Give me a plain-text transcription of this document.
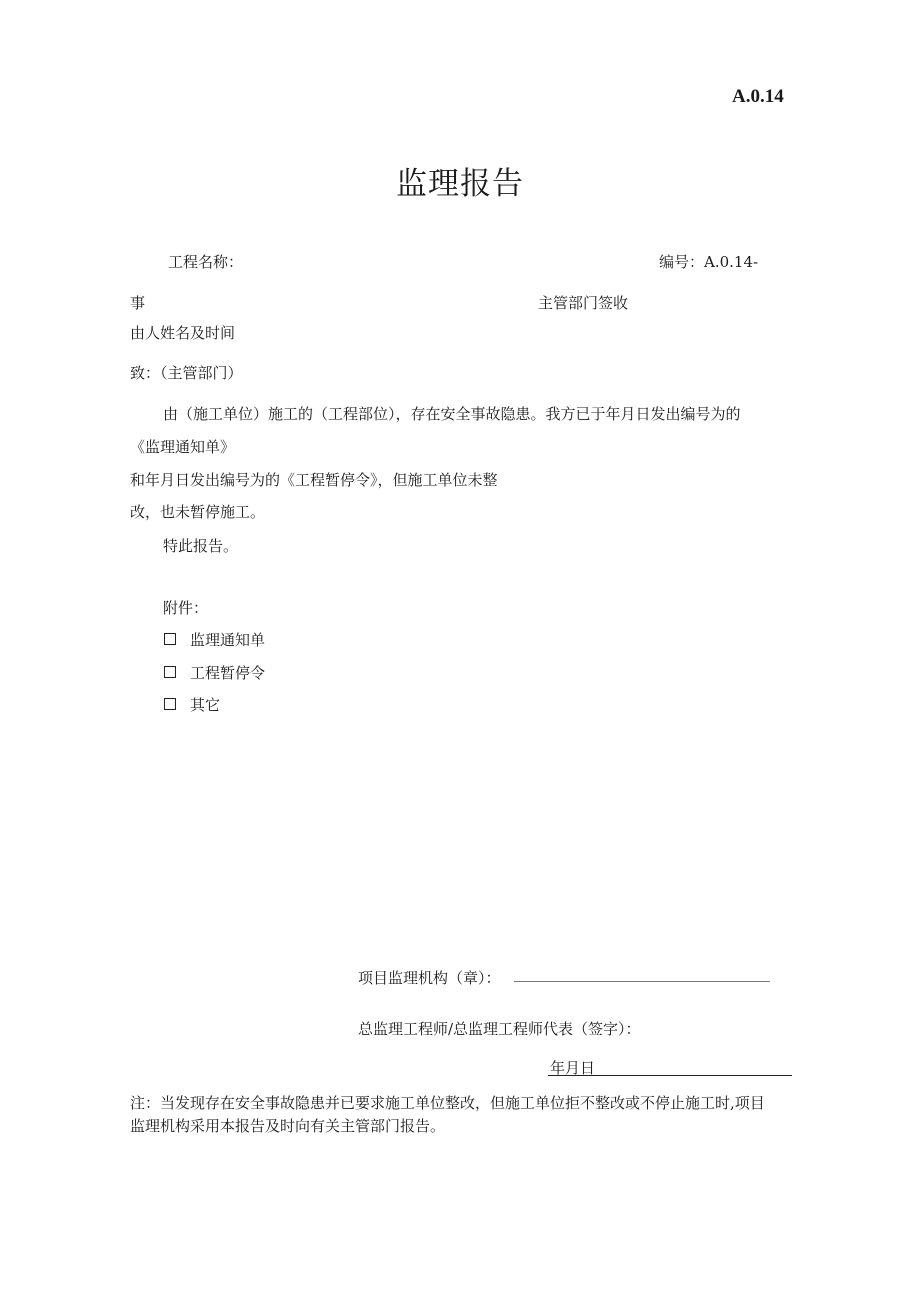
A.0.14
监理报告
工程名称：	编号：A.0.14-
事	主管部门签收
由人姓名及时间
致：（主管部门）
由（施工单位）施工的（工程部位），存在安全事故隐患。我方已于年月日发出编号为的
《监理通知单》
和年月日发出编号为的《工程暂停令》，但施工单位未整
改，也未暂停施工。
特此报告。
附件：
监理通知单
工程暂停令
其它
项目监理机构（章）：
总监理工程师/总监理工程师代表（签字）：
年月日
注：当发现存在安全事故隐患并已要求施工单位整改，但施工单位拒不整改或不停止施工时,项目
监理机构采用本报告及时向有关主管部门报告。
